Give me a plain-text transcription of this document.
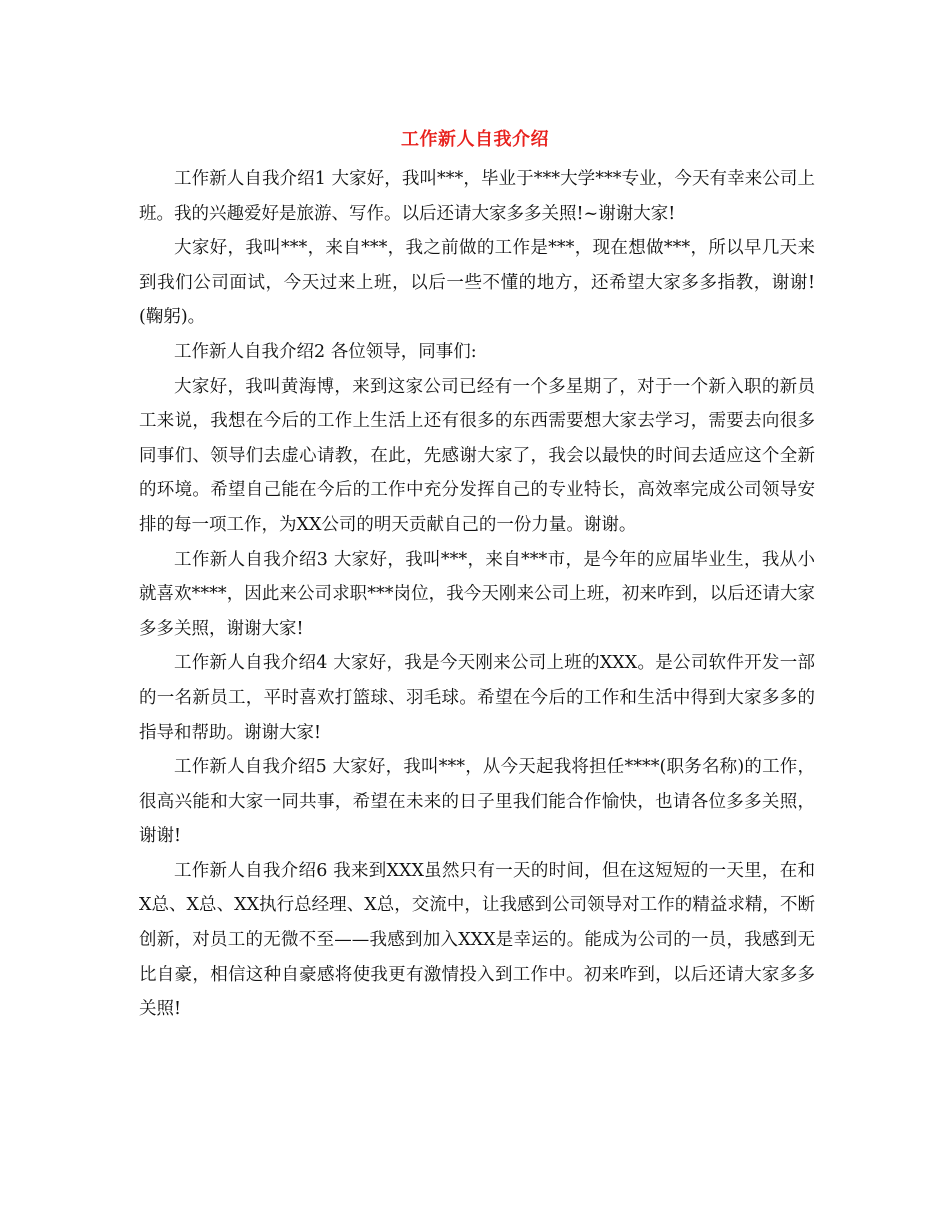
工作新人自我介绍

工作新人自我介绍1 大家好，我叫***，毕业于***大学***专业，今天有幸来公司上班。我的兴趣爱好是旅游、写作。以后还请大家多多关照!~谢谢大家!

大家好，我叫***，来自***，我之前做的工作是***，现在想做***，所以早几天来到我们公司面试，今天过来上班，以后一些不懂的地方，还希望大家多多指教，谢谢!(鞠躬)。

工作新人自我介绍2 各位领导，同事们:

大家好，我叫黄海博，来到这家公司已经有一个多星期了，对于一个新入职的新员工来说，我想在今后的工作上生活上还有很多的东西需要想大家去学习，需要去向很多同事们、领导们去虚心请教，在此，先感谢大家了，我会以最快的时间去适应这个全新的环境。希望自己能在今后的工作中充分发挥自己的专业特长，高效率完成公司领导安排的每一项工作，为XX公司的明天贡献自己的一份力量。谢谢。

工作新人自我介绍3 大家好，我叫***，来自***市，是今年的应届毕业生，我从小就喜欢****，因此来公司求职***岗位，我今天刚来公司上班，初来咋到，以后还请大家多多关照，谢谢大家!

工作新人自我介绍4 大家好，我是今天刚来公司上班的XXX。是公司软件开发一部的一名新员工，平时喜欢打篮球、羽毛球。希望在今后的工作和生活中得到大家多多的指导和帮助。谢谢大家!

工作新人自我介绍5 大家好，我叫***，从今天起我将担任****(职务名称)的工作，很高兴能和大家一同共事，希望在未来的日子里我们能合作愉快，也请各位多多关照，谢谢!

工作新人自我介绍6 我来到XXX虽然只有一天的时间，但在这短短的一天里，在和X总、X总、XX执行总经理、X总，交流中，让我感到公司领导对工作的精益求精，不断创新，对员工的无微不至——我感到加入XXX是幸运的。能成为公司的一员，我感到无比自豪，相信这种自豪感将使我更有激情投入到工作中。初来咋到，以后还请大家多多关照!
